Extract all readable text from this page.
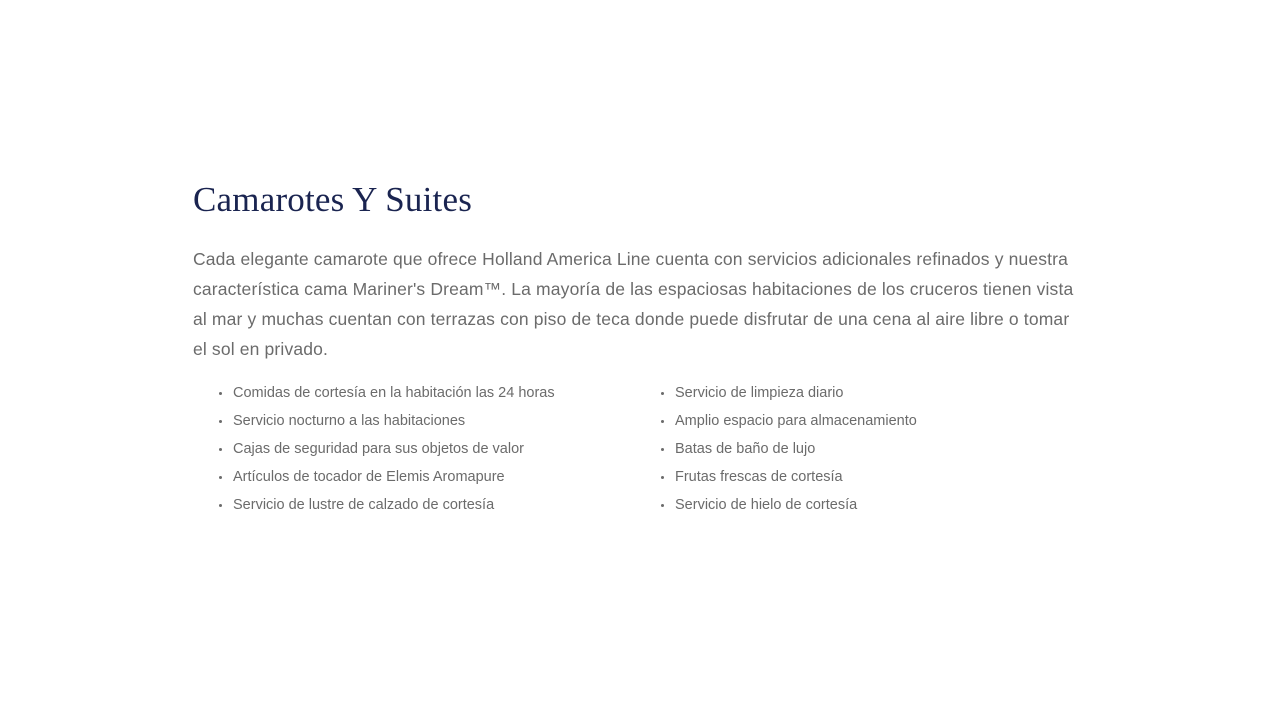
Camarotes Y Suites

Cada elegante camarote que ofrece Holland America Line cuenta con servicios adicionales refinados y nuestra característica cama Mariner's Dream™. La mayoría de las espaciosas habitaciones de los cruceros tienen vista al mar y muchas cuentan con terrazas con piso de teca donde puede disfrutar de una cena al aire libre o tomar el sol en privado.

Comidas de cortesía en la habitación las 24 horas
Servicio nocturno a las habitaciones
Cajas de seguridad para sus objetos de valor
Artículos de tocador de Elemis Aromapure
Servicio de lustre de calzado de cortesía
Servicio de limpieza diario
Amplio espacio para almacenamiento
Batas de baño de lujo
Frutas frescas de cortesía
Servicio de hielo de cortesía
